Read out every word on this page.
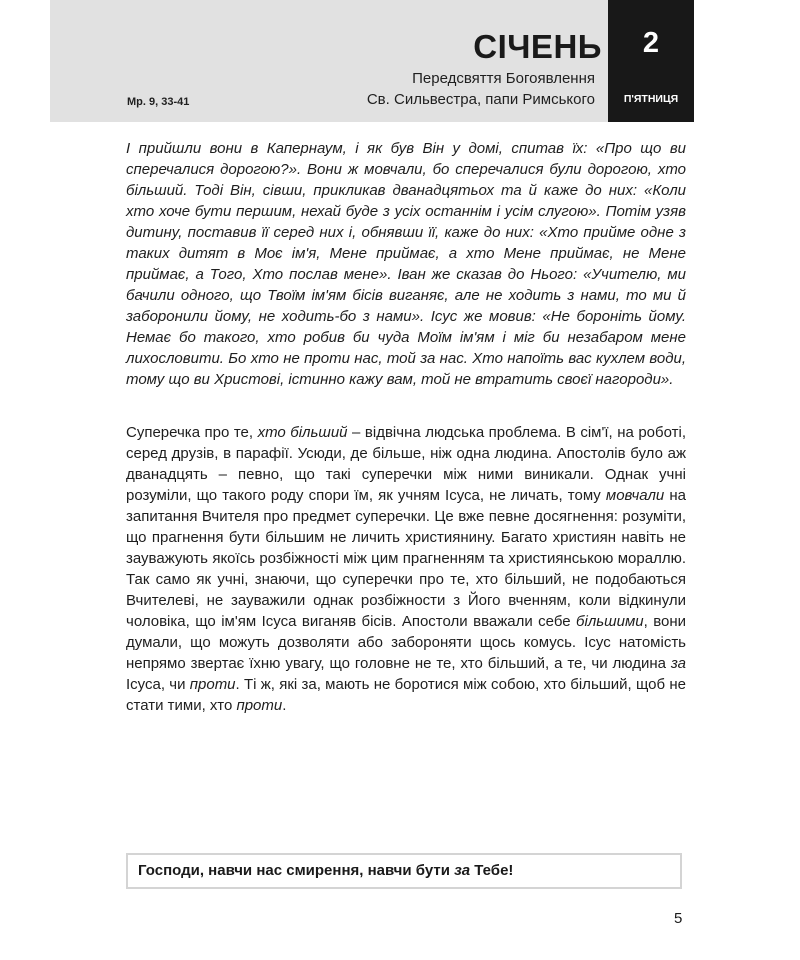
СІЧЕНЬ	2
П'ЯТНИЦЯ
Передсвяття Богоявлення
Св. Сильвестра, папи Римського
Мр. 9, 33-41

І прийшли вони в Капернаум, і як був Він у домі, спитав їх: «Про що ви сперечалися дорогою?». Вони ж мовчали, бо сперечалися були дорогою, хто більший. Тоді Він, сівши, прикликав дванадцятьох та й каже до них: «Коли хто хоче бути першим, нехай буде з усіх останнім і усім слугою». Потім узяв дитину, поставив її серед них і, обнявши її, каже до них: «Хто прийме одне з таких дитят в Моє ім'я, Мене приймає, а хто Мене приймає, не Мене приймає, а Того, Хто послав мене». Іван же сказав до Нього: «Учителю, ми бачили одного, що Твоїм ім'ям бісів виганяє, але не ходить з нами, то ми й заборонили йому, не ходить-бо з нами». Ісус же мовив: «Не бороніть йому. Немає бо такого, хто робив би чуда Моїм ім'ям і міг би незабаром мене лихословити. Бо хто не проти нас, той за нас. Хто напоїть вас кухлем води, тому що ви Христові, істинно кажу вам, той не втратить своєї нагороди».

Суперечка про те, хто більший – відвічна людська проблема. В сім'ї, на роботі, серед друзів, в парафії. Усюди, де більше, ніж одна людина. Апостолів було аж дванадцять – певно, що такі суперечки між ними виникали. Однак учні розуміли, що такого роду спори їм, як учням Ісуса, не личать, тому мовчали на запитання Вчителя про предмет суперечки. Це вже певне досягнення: розуміти, що прагнення бути більшим не личить християнину. Багато християн навіть не зауважують якоїсь розбіжності між цим прагненням та християнською мораллю. Так само як учні, знаючи, що суперечки про те, хто більший, не подобаються Вчителеві, не зауважили однак розбіжности з Його вченням, коли відкинули чоловіка, що ім'ям Ісуса виганяв бісів. Апостоли вважали себе більшими, вони думали, що можуть дозволяти або забороняти щось комусь. Ісус натомість непрямо звертає їхню увагу, що головне не те, хто більший, а те, чи людина за Ісуса, чи проти. Ті ж, які за, мають не боротися між собою, хто більший, щоб не стати тими, хто проти.

Господи, навчи нас смирення, навчи бути за Тебе!
5
